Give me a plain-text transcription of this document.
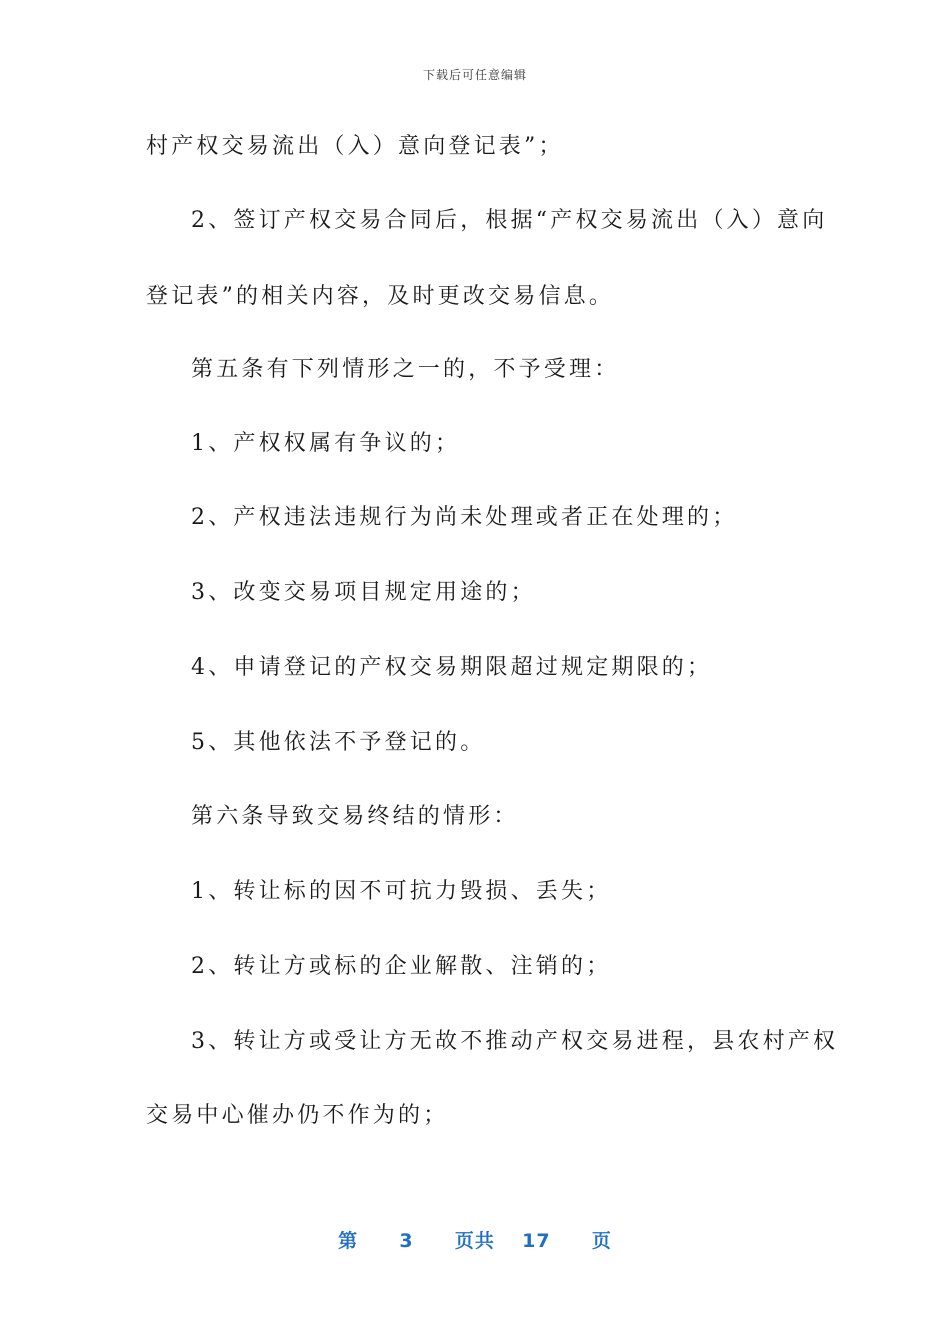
下载后可任意编辑
村产权交易流出（入）意向登记表”；
2、签订产权交易合同后，根据“产权交易流出（入）意向
登记表”的相关内容，及时更改交易信息。
第五条有下列情形之一的，不予受理：
1、产权权属有争议的；
2、产权违法违规行为尚未处理或者正在处理的；
3、改变交易项目规定用途的；
4、申请登记的产权交易期限超过规定期限的；
5、其他依法不予登记的。
第六条导致交易终结的情形：
1、转让标的因不可抗力毁损、丢失；
2、转让方或标的企业解散、注销的；
3、转让方或受让方无故不推动产权交易进程，县农村产权
交易中心催办仍不作为的；
第 3 页共 17 页
